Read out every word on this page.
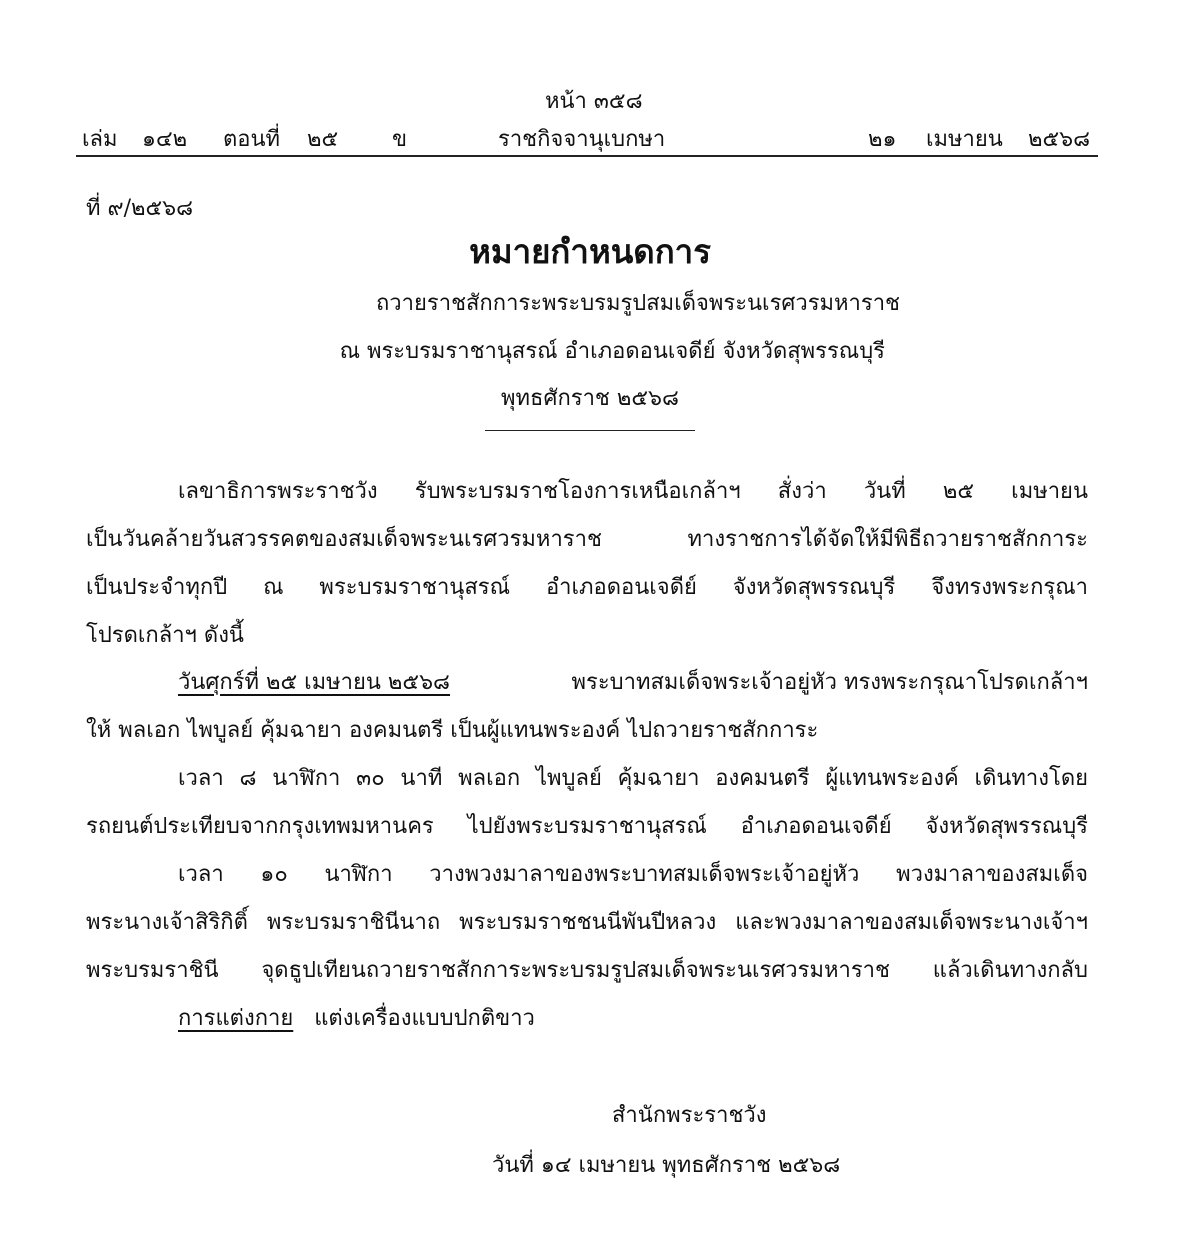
หน้า ๓๕๘
เล่ม ๑๔๒ ตอนที่ ๒๕ ข	ราชกิจจานุเบกษา	๒๑ เมษายน ๒๕๖๘
ที่ ๙/๒๕๖๘
หมายกำหนดการ
ถวายราชสักการะพระบรมรูปสมเด็จพระนเรศวรมหาราช
ณ พระบรมราชานุสรณ์ อำเภอดอนเจดีย์ จังหวัดสุพรรณบุรี
พุทธศักราช ๒๕๖๘
เลขาธิการพระราชวัง รับพระบรมราชโองการเหนือเกล้าฯ สั่งว่า วันที่ ๒๕ เมษายน
เป็นวันคล้ายวันสวรรคตของสมเด็จพระนเรศวรมหาราช ทางราชการได้จัดให้มีพิธีถวายราชสักการะ
เป็นประจำทุกปี ณ พระบรมราชานุสรณ์ อำเภอดอนเจดีย์ จังหวัดสุพรรณบุรี จึงทรงพระกรุณา
โปรดเกล้าฯ ดังนี้
วันศุกร์ที่ ๒๕ เมษายน ๒๕๖๘	พระบาทสมเด็จพระเจ้าอยู่หัว ทรงพระกรุณาโปรดเกล้าฯ
ให้ พลเอก ไพบูลย์ คุ้มฉายา องคมนตรี เป็นผู้แทนพระองค์ ไปถวายราชสักการะ
เวลา ๘ นาฬิกา ๓๐ นาที พลเอก ไพบูลย์ คุ้มฉายา องคมนตรี ผู้แทนพระองค์ เดินทางโดย
รถยนต์ประเทียบจากกรุงเทพมหานคร ไปยังพระบรมราชานุสรณ์ อำเภอดอนเจดีย์ จังหวัดสุพรรณบุรี
เวลา ๑๐ นาฬิกา วางพวงมาลาของพระบาทสมเด็จพระเจ้าอยู่หัว พวงมาลาของสมเด็จ
พระนางเจ้าสิริกิติ์ พระบรมราชินีนาถ พระบรมราชชนนีพันปีหลวง และพวงมาลาของสมเด็จพระนางเจ้าฯ
พระบรมราชินี จุดธูปเทียนถวายราชสักการะพระบรมรูปสมเด็จพระนเรศวรมหาราช แล้วเดินทางกลับ
การแต่งกาย แต่งเครื่องแบบปกติขาว
สำนักพระราชวัง
วันที่ ๑๔ เมษายน พุทธศักราช ๒๕๖๘
